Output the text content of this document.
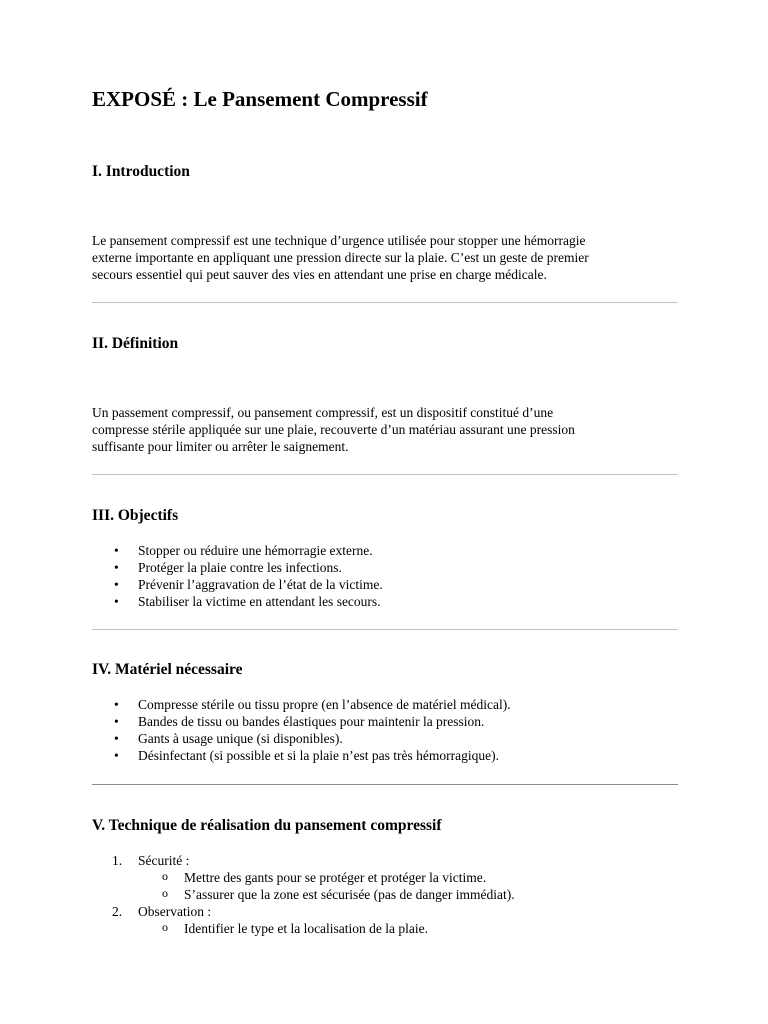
EXPOSÉ : Le Pansement Compressif
I. Introduction

Le pansement compressif est une technique d’urgence utilisée pour stopper une hémorragie
externe importante en appliquant une pression directe sur la plaie. C’est un geste de premier
secours essentiel qui peut sauver des vies en attendant une prise en charge médicale.

II. Définition

Un passement compressif, ou pansement compressif, est un dispositif constitué d’une
compresse stérile appliquée sur une plaie, recouverte d’un matériau assurant une pression
suffisante pour limiter ou arrêter le saignement.

III. Objectifs
• Stopper ou réduire une hémorragie externe.
• Protéger la plaie contre les infections.
• Prévenir l’aggravation de l’état de la victime.
• Stabiliser la victime en attendant les secours.
IV. Matériel nécessaire
• Compresse stérile ou tissu propre (en l’absence de matériel médical).
• Bandes de tissu ou bandes élastiques pour maintenir la pression.
• Gants à usage unique (si disponibles).
• Désinfectant (si possible et si la plaie n’est pas très hémorragique).
V. Technique de réalisation du pansement compressif
1. Sécurité :
o Mettre des gants pour se protéger et protéger la victime.
o S’assurer que la zone est sécurisée (pas de danger immédiat).
2. Observation :
o Identifier le type et la localisation de la plaie.
